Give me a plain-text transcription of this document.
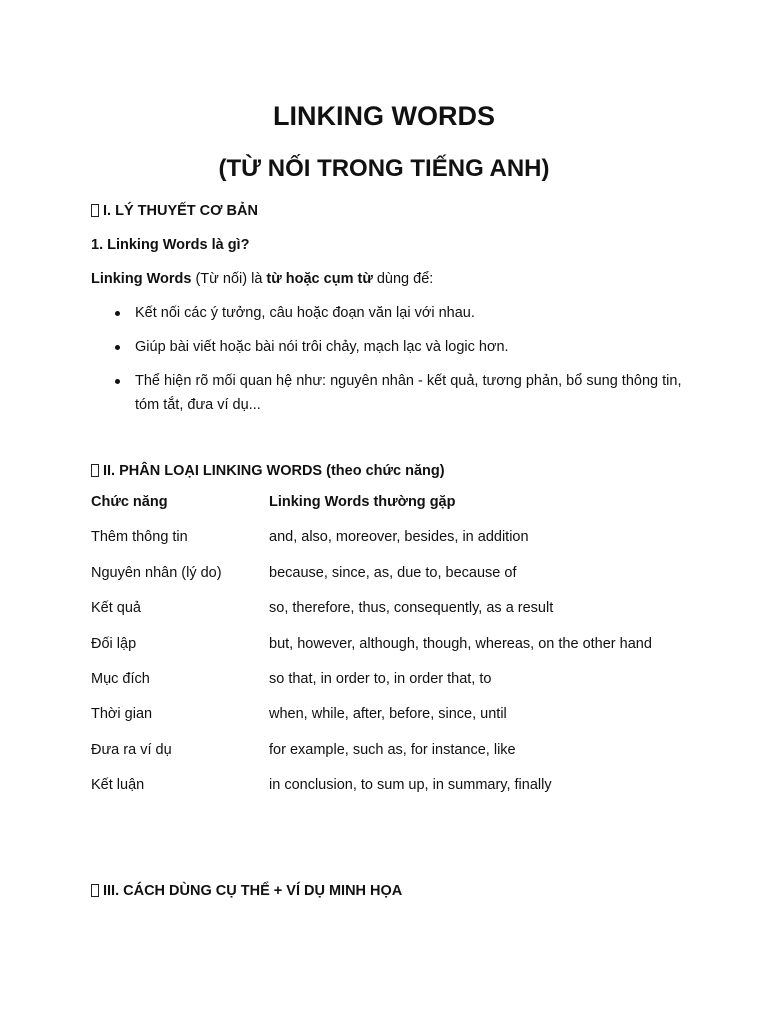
LINKING WORDS
(TỪ NỐI TRONG TIẾNG ANH)
I. LÝ THUYẾT CƠ BẢN
1. Linking Words là gì?
Linking Words (Từ nối) là từ hoặc cụm từ dùng để:
Kết nối các ý tưởng, câu hoặc đoạn văn lại với nhau.
Giúp bài viết hoặc bài nói trôi chảy, mạch lạc và logic hơn.
Thể hiện rõ mối quan hệ như: nguyên nhân - kết quả, tương phản, bổ sung thông tin, tóm tắt, đưa ví dụ...
II. PHÂN LOẠI LINKING WORDS (theo chức năng)
Chức năng	Linking Words thường gặp
Thêm thông tin	and, also, moreover, besides, in addition
Nguyên nhân (lý do)	because, since, as, due to, because of
Kết quả	so, therefore, thus, consequently, as a result
Đối lập	but, however, although, though, whereas, on the other hand
Mục đích	so that, in order to, in order that, to
Thời gian	when, while, after, before, since, until
Đưa ra ví dụ	for example, such as, for instance, like
Kết luận	in conclusion, to sum up, in summary, finally
III. CÁCH DÙNG CỤ THỂ + VÍ DỤ MINH HỌA
